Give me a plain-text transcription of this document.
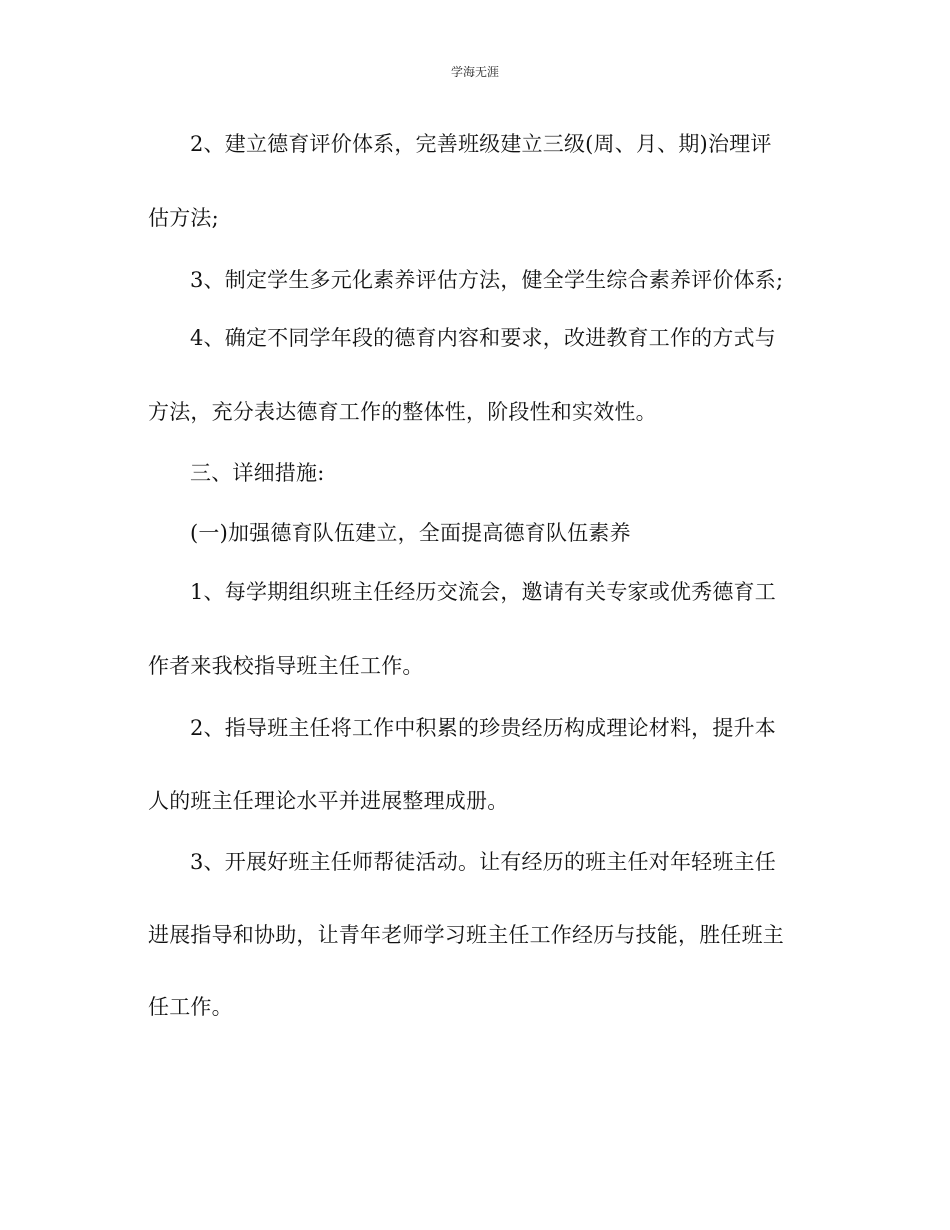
学海无涯
2、建立德育评价体系，完善班级建立三级(周、月、期)治理评
估方法;
3、制定学生多元化素养评估方法，健全学生综合素养评价体系;
4、确定不同学年段的德育内容和要求，改进教育工作的方式与
方法，充分表达德育工作的整体性，阶段性和实效性。
三、详细措施:
(一)加强德育队伍建立，全面提高德育队伍素养
1、每学期组织班主任经历交流会，邀请有关专家或优秀德育工
作者来我校指导班主任工作。
2、指导班主任将工作中积累的珍贵经历构成理论材料，提升本
人的班主任理论水平并进展整理成册。
3、开展好班主任师帮徒活动。让有经历的班主任对年轻班主任
进展指导和协助，让青年老师学习班主任工作经历与技能，胜任班主
任工作。
